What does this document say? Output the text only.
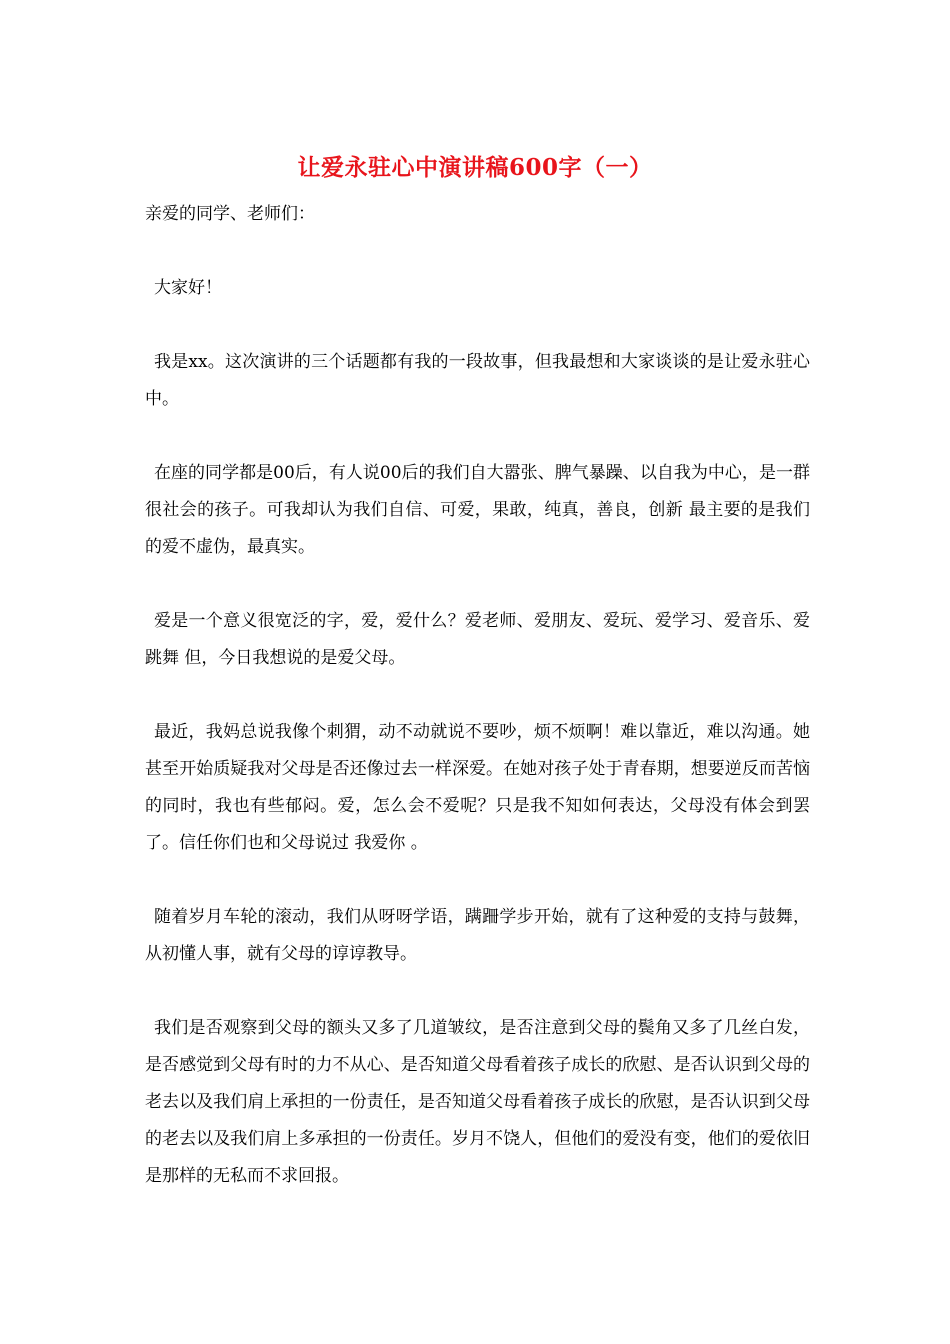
让爱永驻心中演讲稿600字（一）

亲爱的同学、老师们：

大家好！

我是xx。这次演讲的三个话题都有我的一段故事，但我最想和大家谈谈的是让爱永驻心中。

在座的同学都是00后，有人说00后的我们自大嚣张、脾气暴躁、以自我为中心，是一群很社会的孩子。可我却认为我们自信、可爱，果敢，纯真，善良，创新 最主要的是我们的爱不虚伪，最真实。

爱是一个意义很宽泛的字，爱，爱什么？爱老师、爱朋友、爱玩、爱学习、爱音乐、爱跳舞 但，今日我想说的是爱父母。

最近，我妈总说我像个刺猬，动不动就说不要吵，烦不烦啊！难以靠近，难以沟通。她甚至开始质疑我对父母是否还像过去一样深爱。在她对孩子处于青春期，想要逆反而苦恼的同时，我也有些郁闷。爱，怎么会不爱呢？只是我不知如何表达，父母没有体会到罢了。信任你们也和父母说过 我爱你 。

随着岁月车轮的滚动，我们从呀呀学语，蹒跚学步开始，就有了这种爱的支持与鼓舞，从初懂人事，就有父母的谆谆教导。

我们是否观察到父母的额头又多了几道皱纹，是否注意到父母的鬓角又多了几丝白发，是否感觉到父母有时的力不从心、是否知道父母看着孩子成长的欣慰、是否认识到父母的老去以及我们肩上承担的一份责任，是否知道父母看着孩子成长的欣慰，是否认识到父母的老去以及我们肩上多承担的一份责任。岁月不饶人，但他们的爱没有变，他们的爱依旧是那样的无私而不求回报。
